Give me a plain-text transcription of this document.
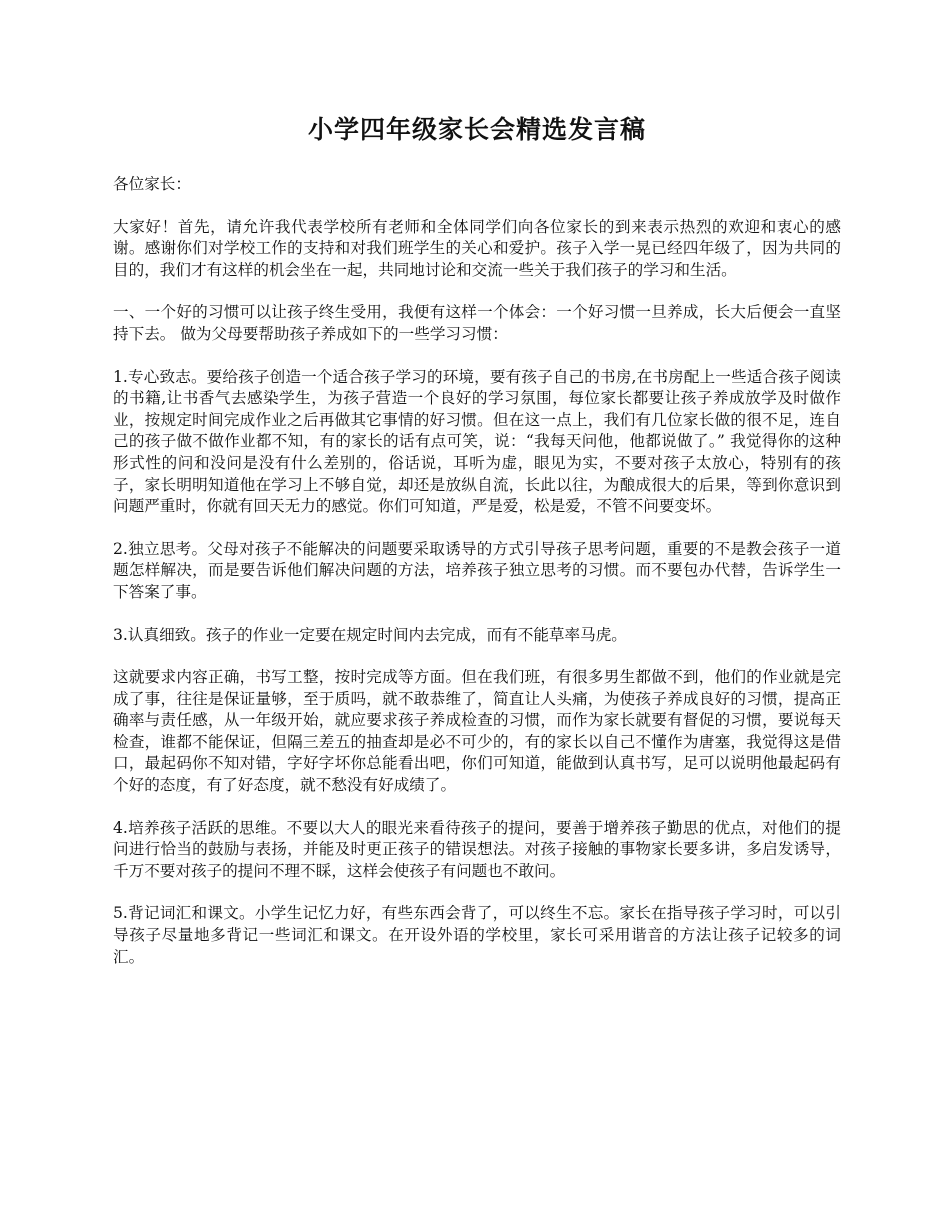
小学四年级家长会精选发言稿

各位家长：

大家好！首先，请允许我代表学校所有老师和全体同学们向各位家长的到来表示热烈的欢迎和衷心的感谢。感谢你们对学校工作的支持和对我们班学生的关心和爱护。孩子入学一晃已经四年级了，因为共同的目的，我们才有这样的机会坐在一起，共同地讨论和交流一些关于我们孩子的学习和生活。

一、一个好的习惯可以让孩子终生受用，我便有这样一个体会：一个好习惯一旦养成，长大后便会一直坚持下去。 做为父母要帮助孩子养成如下的一些学习习惯：

1.专心致志。要给孩子创造一个适合孩子学习的环境，要有孩子自己的书房,在书房配上一些适合孩子阅读的书籍,让书香气去感染学生，为孩子营造一个良好的学习氛围，每位家长都要让孩子养成放学及时做作业，按规定时间完成作业之后再做其它事情的好习惯。但在这一点上，我们有几位家长做的很不足，连自己的孩子做不做作业都不知，有的家长的话有点可笑，说：“我每天问他，他都说做了。” 我觉得你的这种形式性的问和没问是没有什么差别的，俗话说，耳听为虚，眼见为实，不要对孩子太放心，特别有的孩子，家长明明知道他在学习上不够自觉，却还是放纵自流，长此以往，为酿成很大的后果，等到你意识到问题严重时，你就有回天无力的感觉。你们可知道，严是爱，松是爱，不管不问要变坏。

2.独立思考。父母对孩子不能解决的问题要采取诱导的方式引导孩子思考问题，重要的不是教会孩子一道题怎样解决，而是要告诉他们解决问题的方法，培养孩子独立思考的习惯。而不要包办代替，告诉学生一下答案了事。

3.认真细致。孩子的作业一定要在规定时间内去完成，而有不能草率马虎。

这就要求内容正确，书写工整，按时完成等方面。但在我们班，有很多男生都做不到，他们的作业就是完成了事，往往是保证量够，至于质吗，就不敢恭维了，简直让人头痛，为使孩子养成良好的习惯，提高正确率与责任感，从一年级开始，就应要求孩子养成检查的习惯，而作为家长就要有督促的习惯，要说每天检查，谁都不能保证，但隔三差五的抽查却是必不可少的，有的家长以自己不懂作为唐塞，我觉得这是借口，最起码你不知对错，字好字坏你总能看出吧，你们可知道，能做到认真书写，足可以说明他最起码有个好的态度，有了好态度，就不愁没有好成绩了。

4.培养孩子活跃的思维。不要以大人的眼光来看待孩子的提问，要善于增养孩子勤思的优点，对他们的提问进行恰当的鼓励与表扬，并能及时更正孩子的错误想法。对孩子接触的事物家长要多讲，多启发诱导，千万不要对孩子的提问不理不睬，这样会使孩子有问题也不敢问。

5.背记词汇和课文。小学生记忆力好，有些东西会背了，可以终生不忘。家长在指导孩子学习时，可以引导孩子尽量地多背记一些词汇和课文。在开设外语的学校里，家长可采用谐音的方法让孩子记较多的词汇。
